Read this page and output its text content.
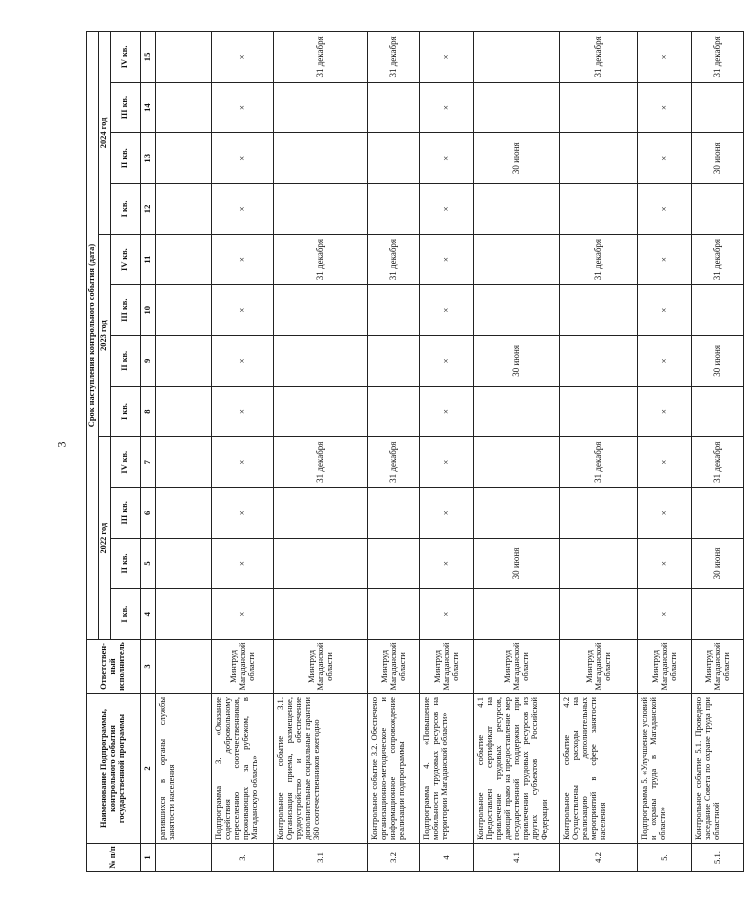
3
№ п/п	Наименование Подпрограммы, контрольного события государственной программы	Ответствен-ный исполнитель	Срок наступления контрольного события (дата)											
			2022 год				2023 год				2024 год			
			I кв.	II кв.	III кв.	IV кв.	I кв.	II кв.	III кв.	IV кв.	I кв.	II кв.	III кв.	IV кв.
1	2	3	4	5	6	7	8	9	10	11	12	13	14	15
	ратившихся в органы службы занятости населения													
3.	Подпрограмма 3. «Оказание содействия добровольному переселению соотечественников, проживающих за рубежом, в Магаданскую область»	Минтруд Магаданской области	×	×	×	×	×	×	×	×	×	×	×	×
3.1	Контрольное событие 3.1. Организация приема, размещение, трудоустройство и обеспечение дополнительные социальные гарантии 360 соотечественников ежегодно	Минтруд Магаданской области				31 декабря				31 декабря				31 декабря
3.2	Контрольное событие 3.2. Обеспечено организационно-методическое и информационное сопровождение реализации подпрограммы	Минтруд Магаданской области				31 декабря				31 декабря				31 декабря
4	Подпрограмма 4. «Повышение мобильности трудовых ресурсов на территории Магаданской области»	Минтруд Магаданской области	×	×	×	×	×	×	×	×	×	×	×	×
4.1	Контрольное событие 4.1 Предоставлен сертификат на привлечение трудовых ресурсов, дающий право на предоставление мер государственной поддержки при привлечении трудовых ресурсов из других субъектов Российской Федерации	Минтруд Магаданской области		30 июня				30 июня				30 июня		
4.2	Контрольное событие 4.2 Осуществлены расходы на реализацию дополнительных мероприятий в сфере занятости населения	Минтруд Магаданской области				31 декабря				31 декабря				31 декабря
5.	Подпрограмма 5. «Улучшение условий и охраны труда в Магаданской области»	Минтруд Магаданской области	×	×	×	×	×	×	×	×	×	×	×	×
5.1.	Контрольное событие 5.1. Проведено заседание Совета по охране труда при областной	Минтруд Магаданской области		30 июня		31 декабря		30 июня		31 декабря		30 июня		31 декабря
